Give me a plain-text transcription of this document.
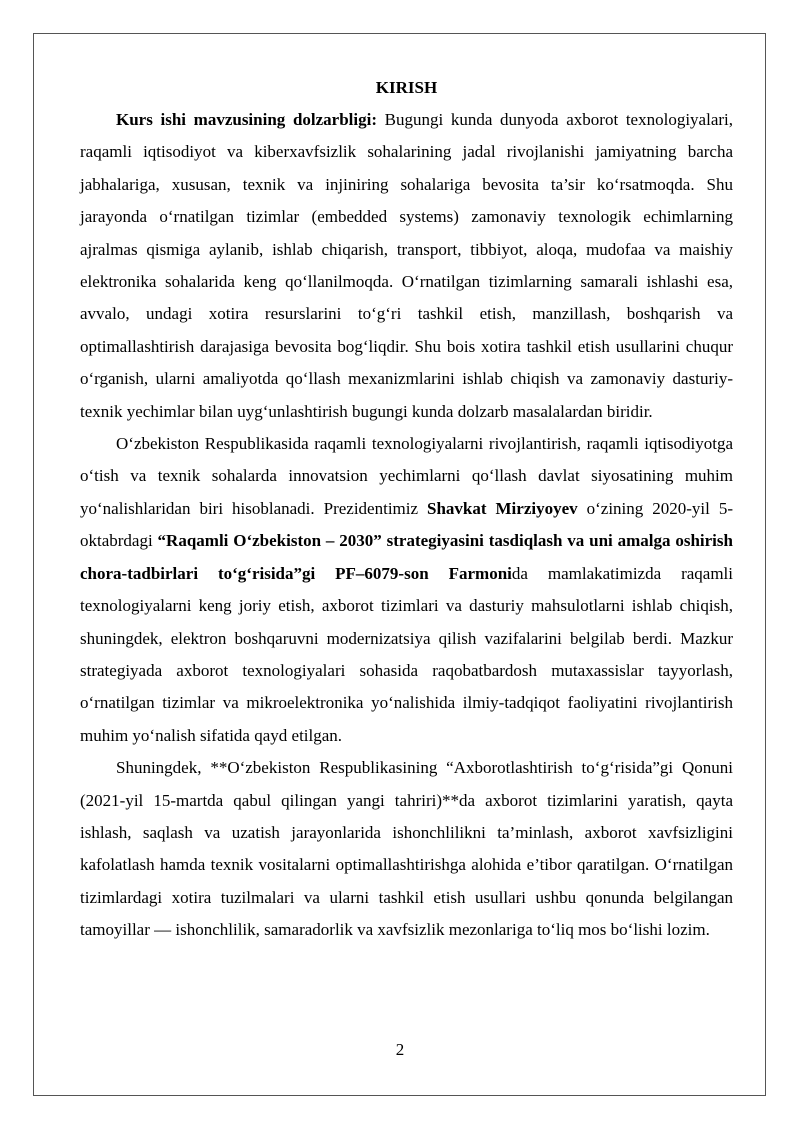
KIRISH

Kurs ishi mavzusining dolzarbligi: Bugungi kunda dunyoda axborot texnologiyalari, raqamli iqtisodiyot va kiberxavfsizlik sohalarining jadal rivojlanishi jamiyatning barcha jabhalariga, xususan, texnik va injiniring sohalariga bevosita ta’sir ko‘rsatmoqda. Shu jarayonda o‘rnatilgan tizimlar (embedded systems) zamonaviy texnologik echimlarning ajralmas qismiga aylanib, ishlab chiqarish, transport, tibbiyot, aloqa, mudofaa va maishiy elektronika sohalarida keng qo‘llanilmoqda. O‘rnatilgan tizimlarning samarali ishlashi esa, avvalo, undagi xotira resurslarini to‘g‘ri tashkil etish, manzillash, boshqarish va optimallashtirish darajasiga bevosita bog‘liqdir. Shu bois xotira tashkil etish usullarini chuqur o‘rganish, ularni amaliyotda qo‘llash mexanizmlarini ishlab chiqish va zamonaviy dasturiy-texnik yechimlar bilan uyg‘unlashtirish bugungi kunda dolzarb masalalardan biridir.

O‘zbekiston Respublikasida raqamli texnologiyalarni rivojlantirish, raqamli iqtisodiyotga o‘tish va texnik sohalarda innovatsion yechimlarni qo‘llash davlat siyosatining muhim yo‘nalishlaridan biri hisoblanadi. Prezidentimiz Shavkat Mirziyoyev o‘zining 2020-yil 5-oktabrdagi “Raqamli O‘zbekiston – 2030” strategiyasini tasdiqlash va uni amalga oshirish chora-tadbirlari to‘g‘risida”gi PF–6079-son Farmonida mamlakatimizda raqamli texnologiyalarni keng joriy etish, axborot tizimlari va dasturiy mahsulotlarni ishlab chiqish, shuningdek, elektron boshqaruvni modernizatsiya qilish vazifalarini belgilab berdi. Mazkur strategiyada axborot texnologiyalari sohasida raqobatbardosh mutaxassislar tayyorlash, o‘rnatilgan tizimlar va mikroelektronika yo‘nalishida ilmiy-tadqiqot faoliyatini rivojlantirish muhim yo‘nalish sifatida qayd etilgan.

Shuningdek, **O‘zbekiston Respublikasining “Axborotlashtirish to‘g‘risida”gi Qonuni (2021-yil 15-martda qabul qilingan yangi tahriri)**da axborot tizimlarini yaratish, qayta ishlash, saqlash va uzatish jarayonlarida ishonchlilikni ta’minlash, axborot xavfsizligini kafolatlash hamda texnik vositalarni optimallashtirishga alohida e’tibor qaratilgan. O‘rnatilgan tizimlardagi xotira tuzilmalari va ularni tashkil etish usullari ushbu qonunda belgilangan tamoyillar — ishonchlilik, samaradorlik va xavfsizlik mezonlariga to‘liq mos bo‘lishi lozim.

2
